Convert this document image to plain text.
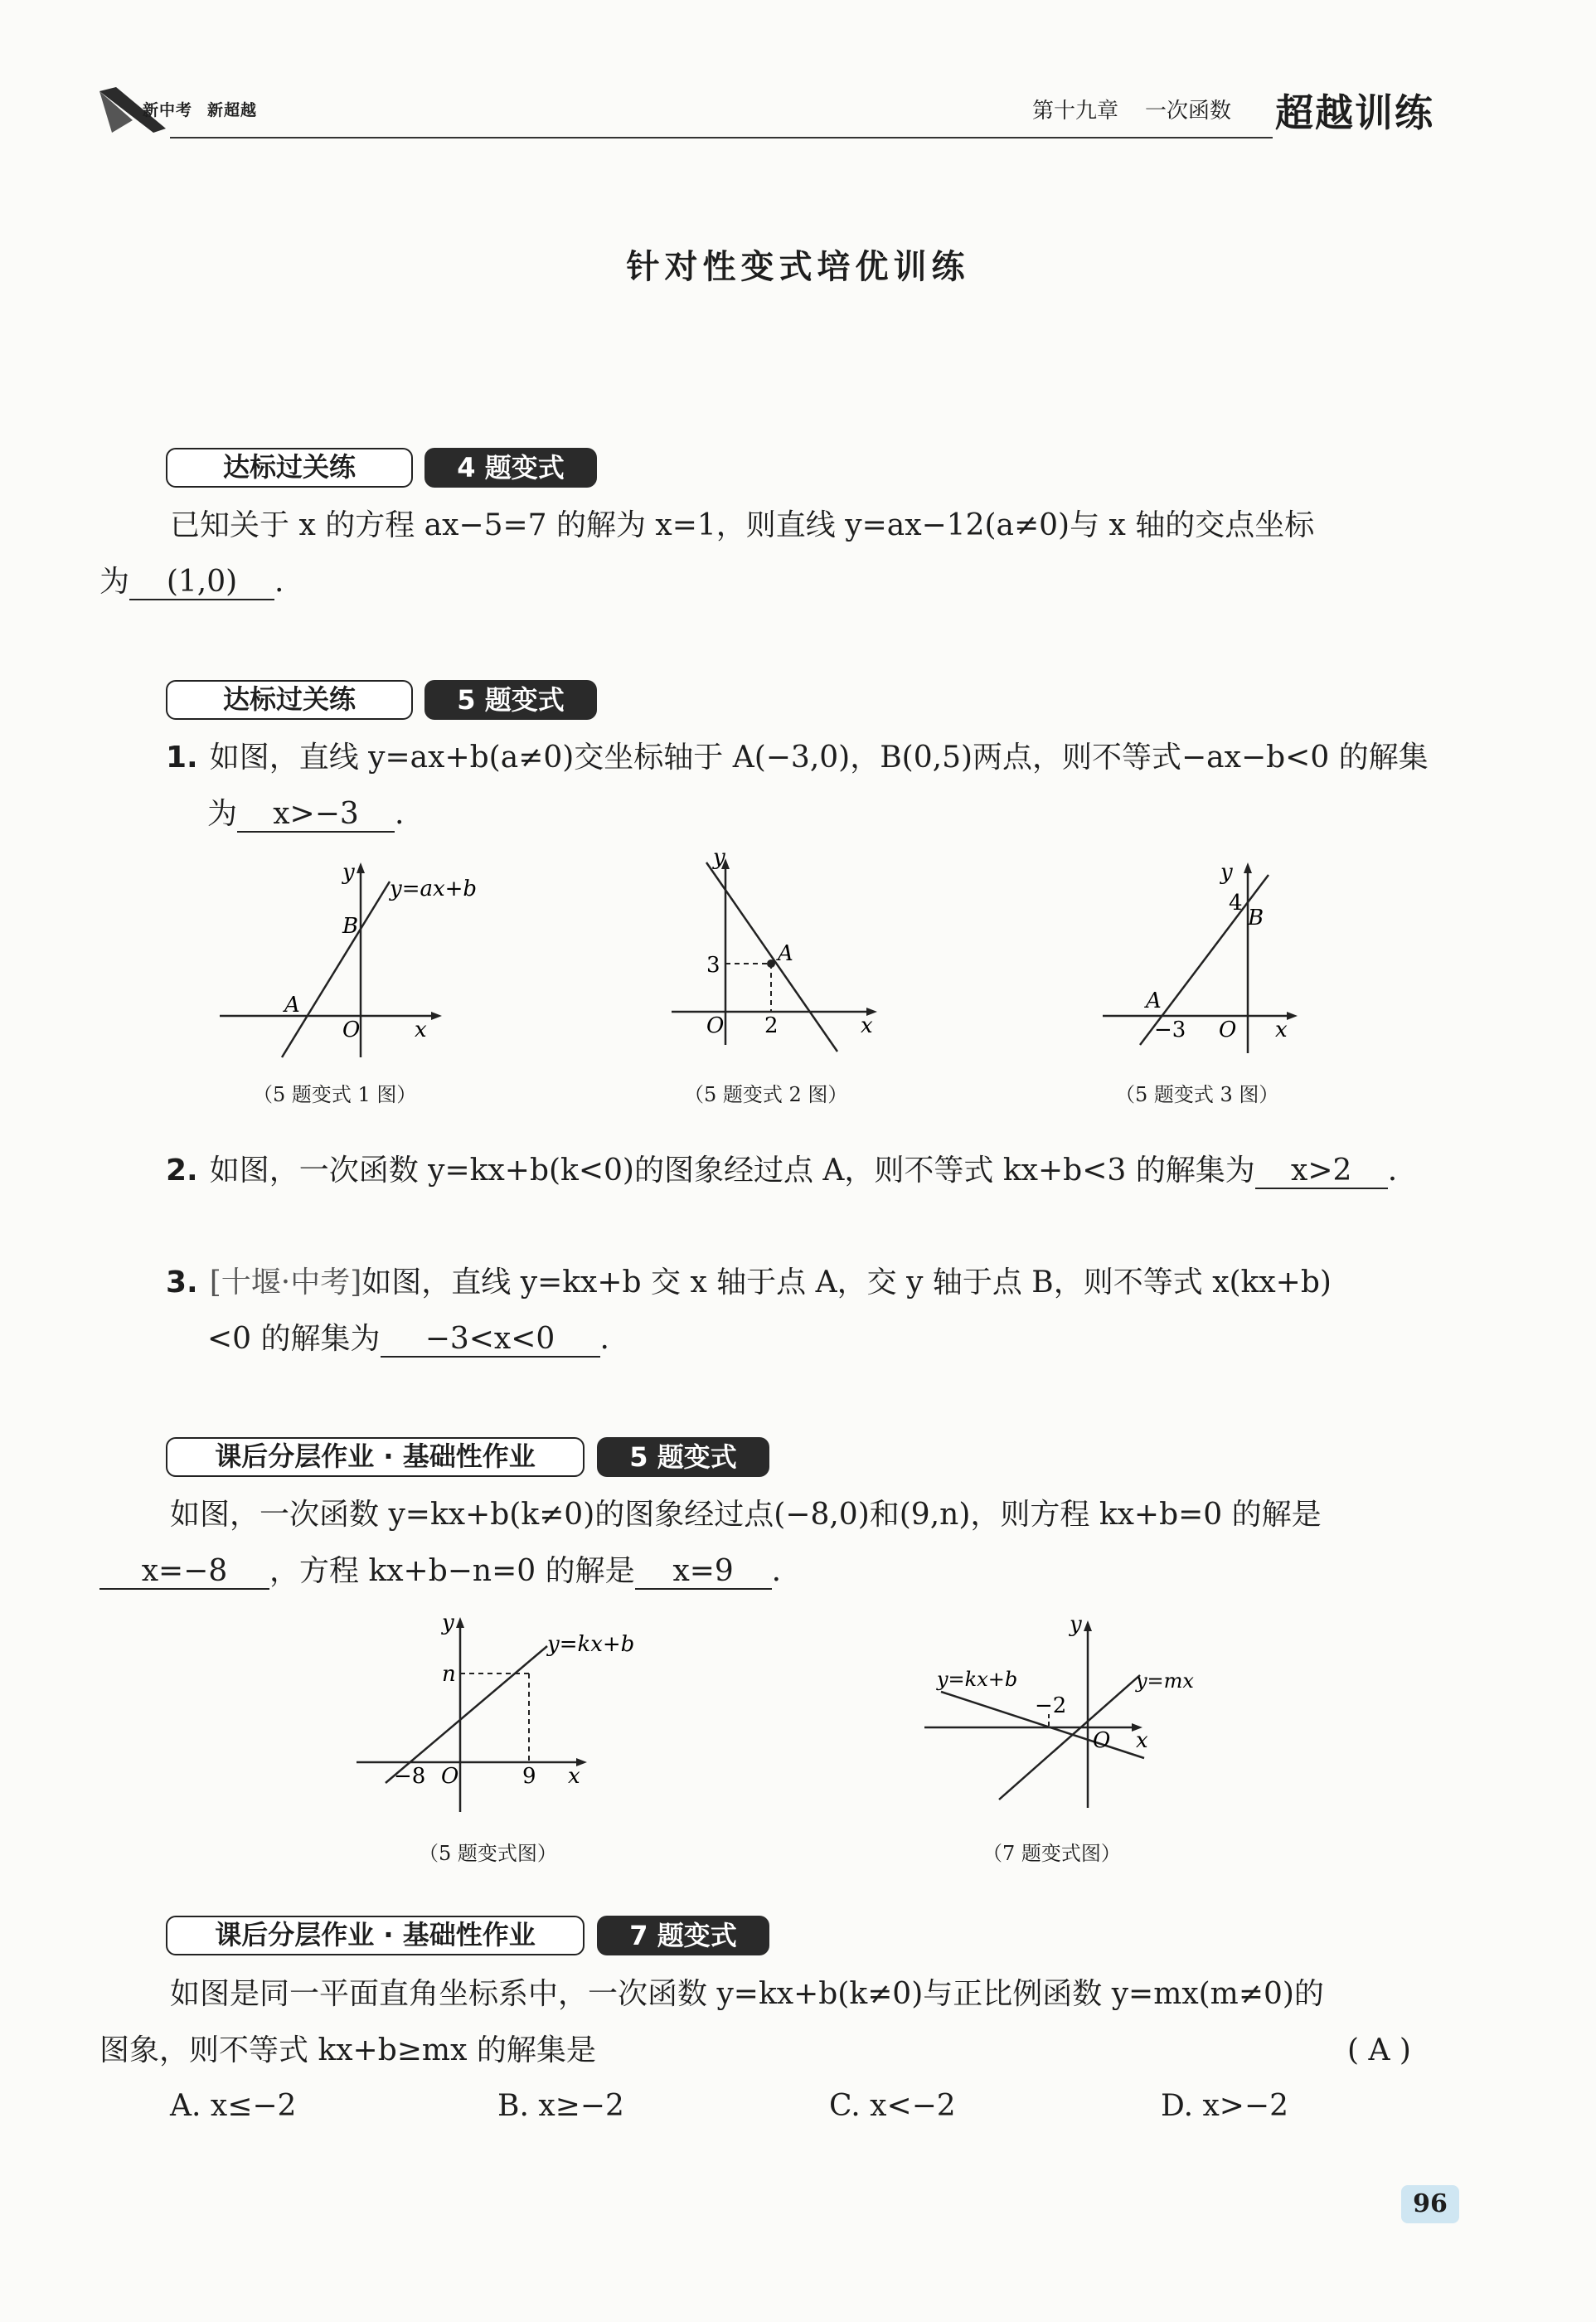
新中考 新超越	第十九章 一次函数	超越训练
针对性变式培优训练
达标过关练	4 题变式
已知关于 x 的方程 ax−5=7 的解为 x=1，则直线 y=ax−12(a≠0)与 x 轴的交点坐标
为 (1,0) .
达标过关练	5 题变式
1. 如图，直线 y=ax+b(a≠0)交坐标轴于 A(−3,0)，B(0,5)两点，则不等式−ax−b<0 的解集
为 x>−3 .
y
x
O
A
B
y=ax+b
（5 题变式 1 图）
y
x
O
A
3
2
（5 题变式 2 图）
y
x
O
A
B
4
−3
（5 题变式 3 图）
2. 如图，一次函数 y=kx+b(k<0)的图象经过点 A，则不等式 kx+b<3 的解集为 x>2 .
3. [十堰·中考]如图，直线 y=kx+b 交 x 轴于点 A，交 y 轴于点 B，则不等式 x(kx+b)
<0 的解集为 −3<x<0 .
课后分层作业 · 基础性作业	5 题变式
如图，一次函数 y=kx+b(k≠0)的图象经过点(−8,0)和(9,n)，则方程 kx+b=0 的解是
x=−8 ，方程 kx+b−n=0 的解是 x=9 .
y
x
O
n
−8	9
y=kx+b
（5 题变式图）
y
x
O
−2
y=kx+b	y=mx
（7 题变式图）
课后分层作业 · 基础性作业	7 题变式
如图是同一平面直角坐标系中，一次函数 y=kx+b(k≠0)与正比例函数 y=mx(m≠0)的
图象，则不等式 kx+b≥mx 的解集是	( A )
A. x≤−2	B. x≥−2	C. x<−2	D. x>−2
96
